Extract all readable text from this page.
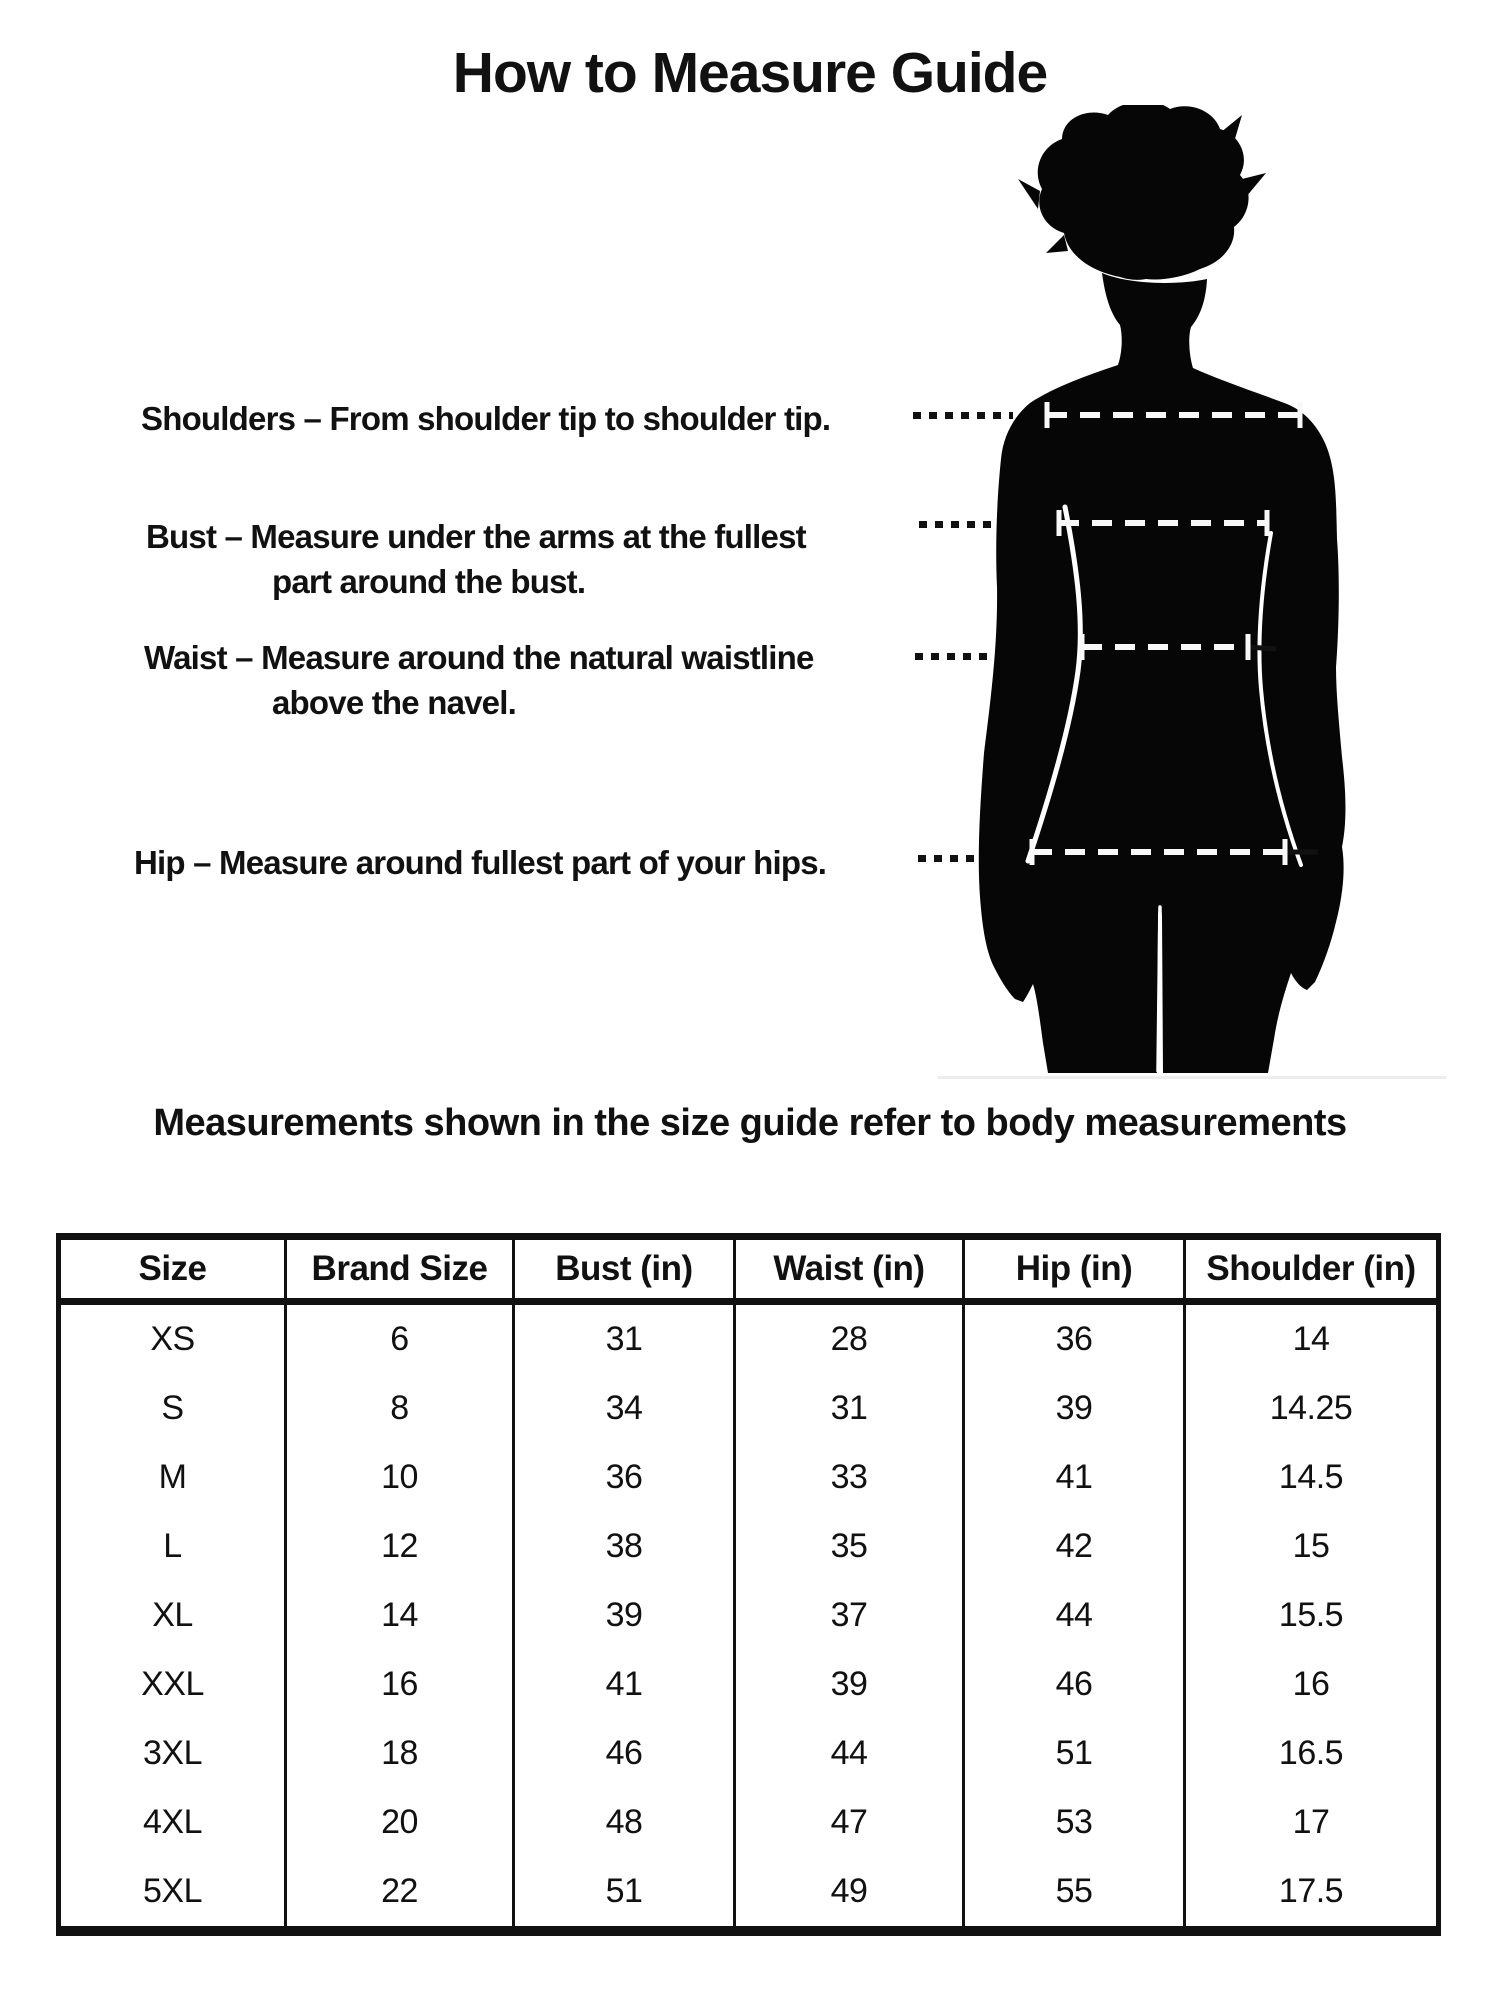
How to Measure Guide
Shoulders – From shoulder tip to shoulder tip.
Bust – Measure under the arms at the fullest
part around the bust.
Waist – Measure around the natural waistline
above the navel.
Hip – Measure around fullest part of your hips.
Measurements shown in the size guide refer to body measurements
Size	Brand Size	Bust (in)	Waist (in)	Hip (in)	Shoulder (in)
XS	6	31	28	36	14
S	8	34	31	39	14.25
M	10	36	33	41	14.5
L	12	38	35	42	15
XL	14	39	37	44	15.5
XXL	16	41	39	46	16
3XL	18	46	44	51	16.5
4XL	20	48	47	53	17
5XL	22	51	49	55	17.5
